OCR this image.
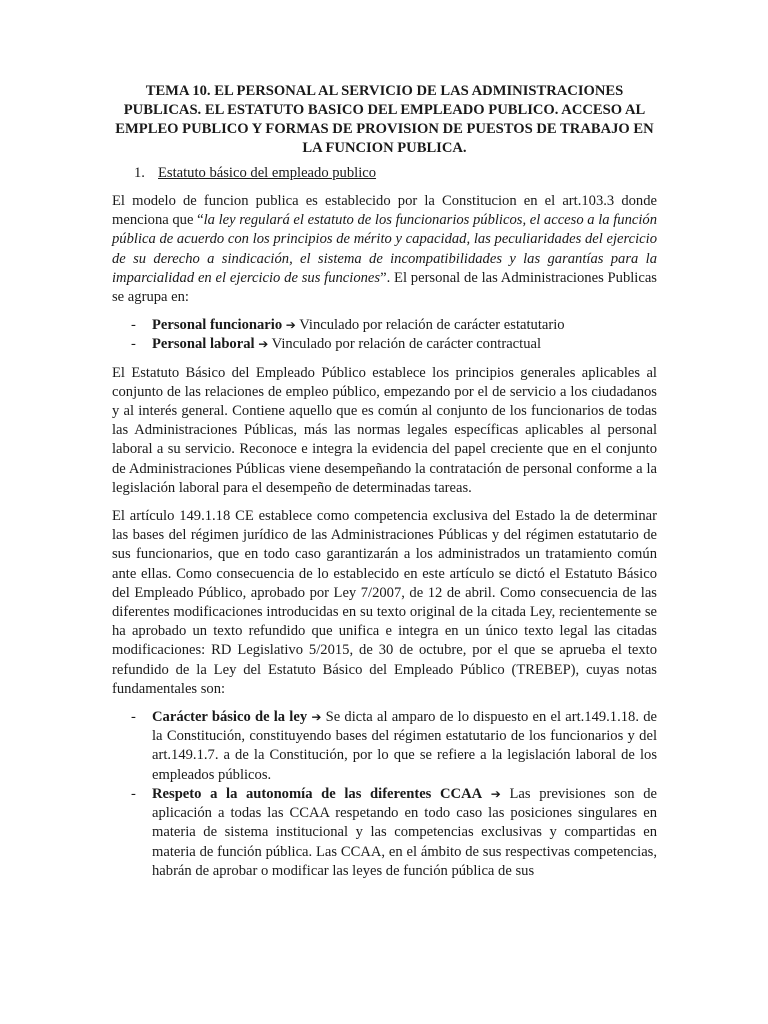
TEMA 10. EL PERSONAL AL SERVICIO DE LAS ADMINISTRACIONES PUBLICAS. EL ESTATUTO BASICO DEL EMPLEADO PUBLICO. ACCESO AL EMPLEO PUBLICO Y FORMAS DE PROVISION DE PUESTOS DE TRABAJO EN LA FUNCION PUBLICA.
1. Estatuto básico del empleado publico

El modelo de funcion publica es establecido por la Constitucion en el art.103.3 donde menciona que “la ley regulará el estatuto de los funcionarios públicos, el acceso a la función pública de acuerdo con los principios de mérito y capacidad, las peculiaridades del ejercicio de su derecho a sindicación, el sistema de incompatibilidades y las garantías para la imparcialidad en el ejercicio de sus funciones”. El personal de las Administraciones Publicas se agrupa en:

-	Personal funcionario ➔ Vinculado por relación de carácter estatutario
-	Personal laboral ➔ Vinculado por relación de carácter contractual

El Estatuto Básico del Empleado Público establece los principios generales aplicables al conjunto de las relaciones de empleo público, empezando por el de servicio a los ciudadanos y al interés general. Contiene aquello que es común al conjunto de los funcionarios de todas las Administraciones Públicas, más las normas legales específicas aplicables al personal laboral a su servicio. Reconoce e integra la evidencia del papel creciente que en el conjunto de Administraciones Públicas viene desempeñando la contratación de personal conforme a la legislación laboral para el desempeño de determinadas tareas.

El artículo 149.1.18 CE establece como competencia exclusiva del Estado la de determinar las bases del régimen jurídico de las Administraciones Públicas y del régimen estatutario de sus funcionarios, que en todo caso garantizarán a los administrados un tratamiento común ante ellas. Como consecuencia de lo establecido en este artículo se dictó el Estatuto Básico del Empleado Público, aprobado por Ley 7/2007, de 12 de abril. Como consecuencia de las diferentes modificaciones introducidas en su texto original de la citada Ley, recientemente se ha aprobado un texto refundido que unifica e integra en un único texto legal las citadas modificaciones: RD Legislativo 5/2015, de 30 de octubre, por el que se aprueba el texto refundido de la Ley del Estatuto Básico del Empleado Público (TREBEP), cuyas notas fundamentales son:

-	Carácter básico de la ley ➔ Se dicta al amparo de lo dispuesto en el art.149.1.18. de la Constitución, constituyendo bases del régimen estatutario de los funcionarios y del art.149.1.7. a de la Constitución, por lo que se refiere a la legislación laboral de los empleados públicos.
-	Respeto a la autonomía de las diferentes CCAA ➔ Las previsiones son de aplicación a todas las CCAA respetando en todo caso las posiciones singulares en materia de sistema institucional y las competencias exclusivas y compartidas en materia de función pública. Las CCAA, en el ámbito de sus respectivas competencias, habrán de aprobar o modificar las leyes de función pública de sus
